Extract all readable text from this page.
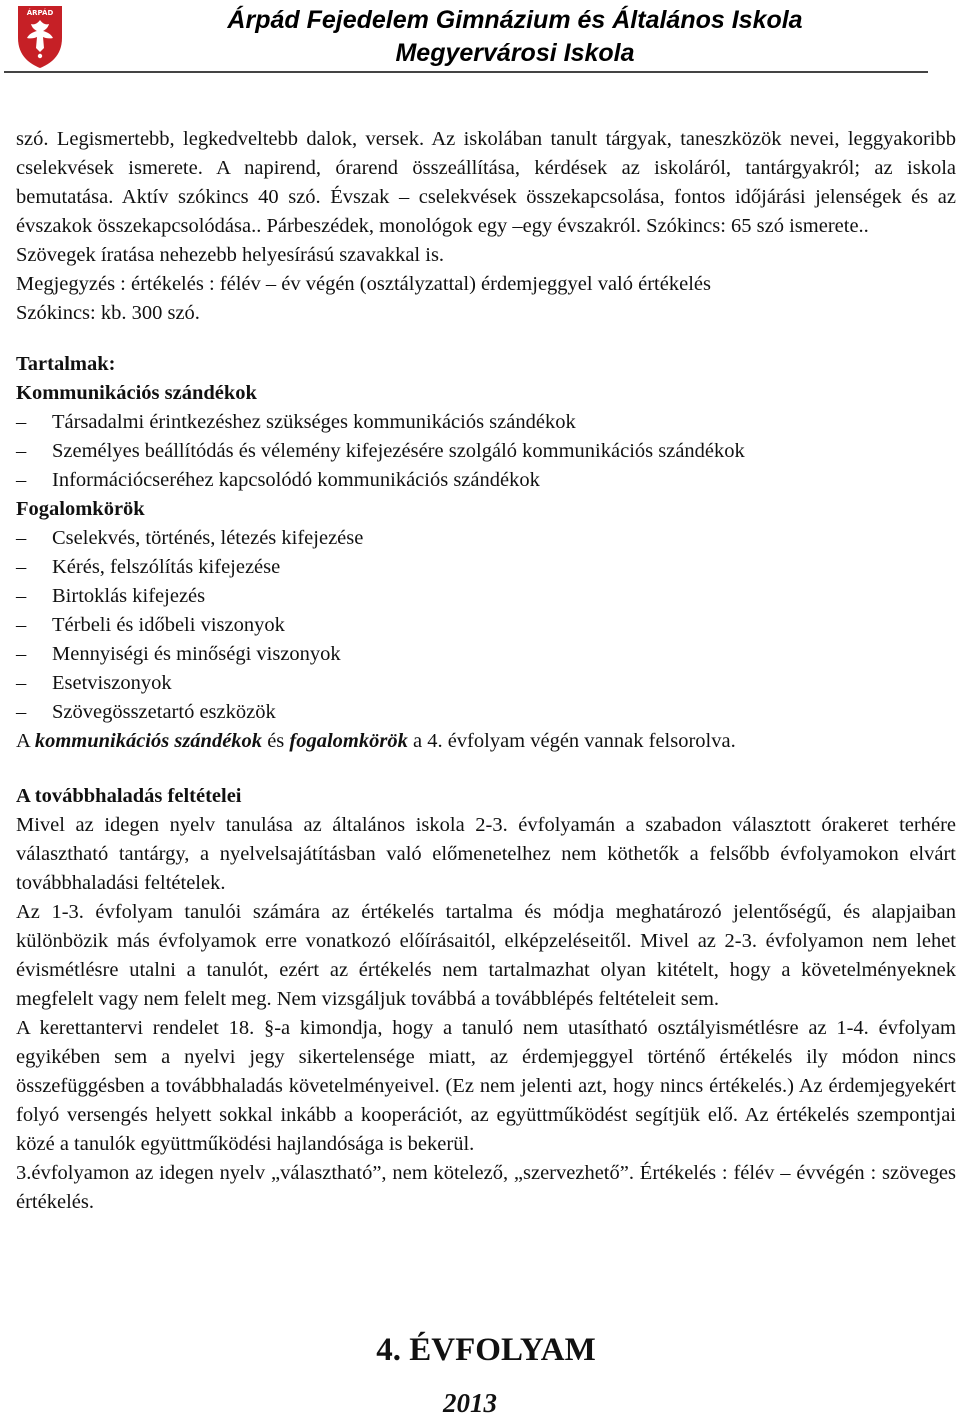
ÁRPÁD	Árpád Fejedelem Gimnázium és Általános Iskola
Megyervárosi Iskola

szó. Legismertebb, legkedveltebb dalok, versek. Az iskolában tanult tárgyak, taneszközök nevei, leggyakoribb cselekvések ismerete. A napirend, órarend összeállítása, kérdések az iskoláról, tantárgyakról; az iskola bemutatása. Aktív szókincs 40 szó. Évszak – cselekvések összekapcsolása, fontos időjárási jelenségek és az évszakok összekapcsolódása.. Párbeszédek, monológok egy –egy évszakról. Szókincs: 65 szó ismerete..

Szövegek íratása nehezebb helyesírású szavakkal is.

Megjegyzés : értékelés : félév – év végén (osztályzattal) érdemjeggyel való értékelés

Szókincs: kb. 300 szó.

Tartalmak:
Kommunikációs szándékok
– Társadalmi érintkezéshez szükséges kommunikációs szándékok
– Személyes beállítódás és vélemény kifejezésére szolgáló kommunikációs szándékok
– Információcseréhez kapcsolódó kommunikációs szándékok
Fogalomkörök
– Cselekvés, történés, létezés kifejezése
– Kérés, felszólítás kifejezése
– Birtoklás kifejezés
– Térbeli és időbeli viszonyok
– Mennyiségi és minőségi viszonyok
– Esetviszonyok
– Szövegösszetartó eszközök
A kommunikációs szándékok és fogalomkörök a 4. évfolyam végén vannak felsorolva.
A továbbhaladás feltételei

Mivel az idegen nyelv tanulása az általános iskola 2-3. évfolyamán a szabadon választott órakeret terhére választható tantárgy, a nyelvelsajátításban való előmenetelhez nem köthetők a felsőbb évfolyamokon elvárt továbbhaladási feltételek.

Az 1-3. évfolyam tanulói számára az értékelés tartalma és módja meghatározó jelentőségű, és alapjaiban különbözik más évfolyamok erre vonatkozó előírásaitól, elképzeléseitől. Mivel az 2-3. évfolyamon nem lehet évismétlésre utalni a tanulót, ezért az értékelés nem tartalmazhat olyan kitételt, hogy a követelményeknek megfelelt vagy nem felelt meg. Nem vizsgáljuk továbbá a továbblépés feltételeit sem.

A kerettantervi rendelet 18. §-a kimondja, hogy a tanuló nem utasítható osztályismétlésre az 1-4. évfolyam egyikében sem a nyelvi jegy sikertelensége miatt, az érdemjeggyel történő értékelés ily módon nincs összefüggésben a továbbhaladás követelményeivel. (Ez nem jelenti azt, hogy nincs értékelés.) Az érdemjegyekért folyó versengés helyett sokkal inkább a kooperációt, az együttműködést segítjük elő. Az értékelés szempontjai közé a tanulók együttműködési hajlandósága is bekerül.

3.évfolyamon az idegen nyelv „választható”, nem kötelező, „szervezhető”. Értékelés : félév – évvégén : szöveges értékelés.

4. ÉVFOLYAM
2013
